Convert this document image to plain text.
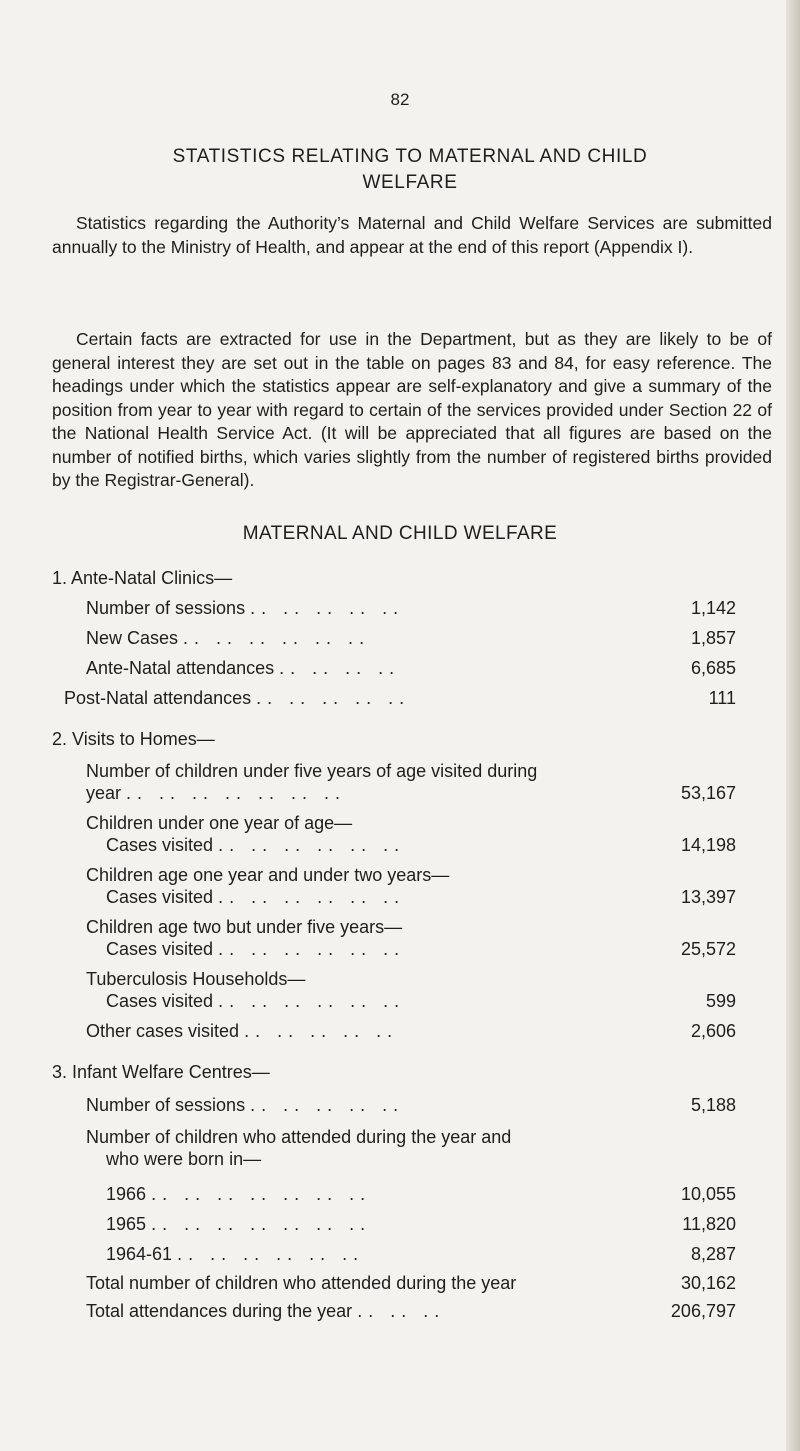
82
STATISTICS RELATING TO MATERNAL AND CHILD
WELFARE
Statistics regarding the Authority’s Maternal and Child Welfare Services are submitted annually to the Ministry of Health, and appear at the end of this report (Appendix I).
Certain facts are extracted for use in the Department, but as they are likely to be of general interest they are set out in the table on pages 83 and 84, for easy reference. The headings under which the statistics appear are self-explanatory and give a summary of the position from year to year with regard to certain of the services provided under Section 22 of the National Health Service Act. (It will be appreciated that all figures are based on the number of notified births, which varies slightly from the number of registered births provided by the Registrar-General).
MATERNAL AND CHILD WELFARE
1. Ante-Natal Clinics—
Number of sessions .. .. .. .. ..	1,142
New Cases .. .. .. .. .. ..	1,857
Ante-Natal attendances .. .. .. ..	6,685
Post-Natal attendances .. .. .. .. ..	111
2. Visits to Homes—
Number of children under five years of age visited during
year .. .. .. .. .. .. ..	53,167
Children under one year of age—
Cases visited .. .. .. .. .. ..	14,198
Children age one year and under two years—
Cases visited .. .. .. .. .. ..	13,397
Children age two but under five years—
Cases visited .. .. .. .. .. ..	25,572
Tuberculosis Households—
Cases visited .. .. .. .. .. ..	599
Other cases visited .. .. .. .. ..	2,606
3. Infant Welfare Centres—
Number of sessions .. .. .. .. ..	5,188
Number of children who attended during the year and
who were born in—
1966 .. .. .. .. .. .. ..	10,055
1965 .. .. .. .. .. .. ..	11,820
1964-61 .. .. .. .. .. ..	8,287
Total number of children who attended during the year	30,162
Total attendances during the year .. .. ..	206,797
